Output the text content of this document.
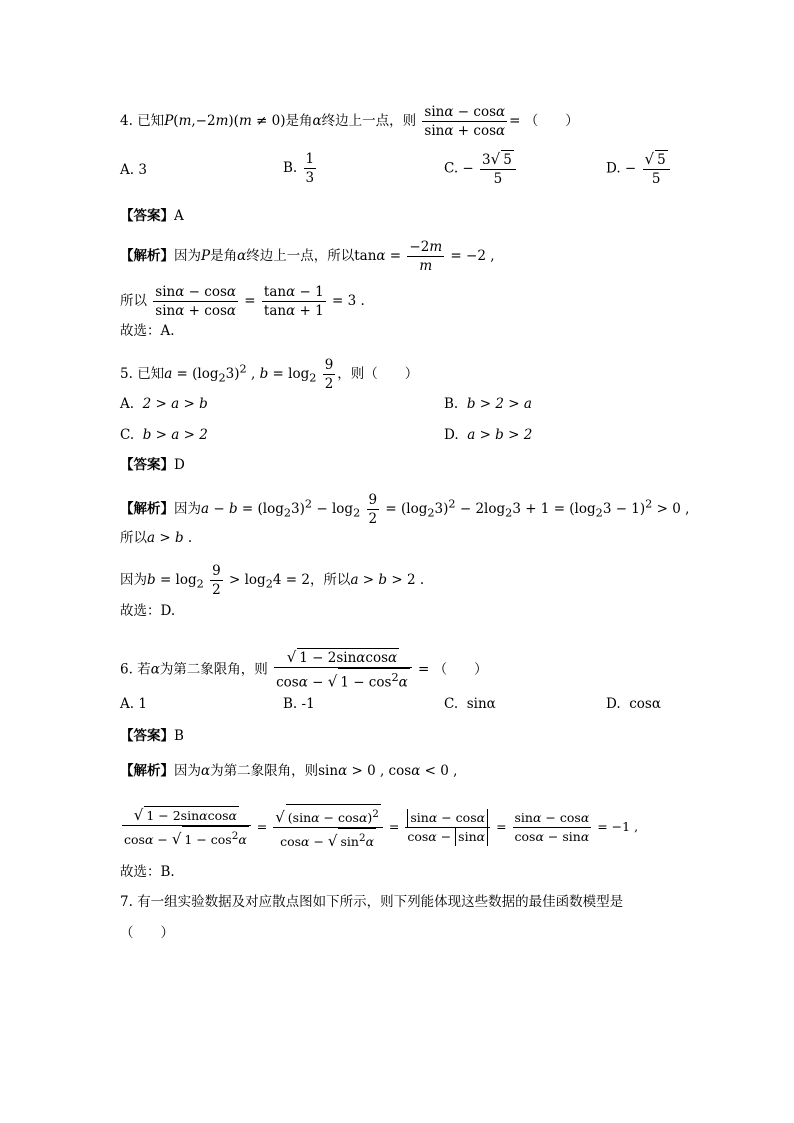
4. 已知P(m,−2m)(m ≠ 0)是角α终边上一点，则 $\frac{\sin\alpha - \cos\alpha}{\sin\alpha + \cos\alpha}$ = （　　）
A. 3	B. $\frac{1}{3}$	C. − $\frac{3√ 5}{5}$	D. − $\frac{√ 5}{5}$
【答案】A
【解析】因为P是角α终边上一点，所以$\tan\alpha = \frac{-2m}{m} = -2$ ,
所以 $\frac{\sin\alpha - \cos\alpha}{\sin\alpha + \cos\alpha} = \frac{\tan\alpha - 1}{\tan\alpha + 1} = 3$ .
故选：A.
5. 已知$a = (\log_23)^2$ , $b = \log_2 \frac{9}{2}$ ，则（　　）
A. 2 > a > b	B. b > 2 > a
C. b > a > 2	D. a > b > 2
【答案】D
【解析】因为$a - b = (\log_23)^2 - \log_2 \frac{9}{2} = (\log_23)^2 - 2\log_23 + 1 = (\log_23 - 1)^2 > 0$ ,
所以a > b .
因为$b = \log_2 \frac{9}{2} > \log_24 = 2$，所以a > b > 2 .
故选：D.
6. 若α为第二象限角，则 $\frac{√ 1 - 2\sin\alpha\cos\alpha}{\cos\alpha - √ 1 - \cos^2\alpha}$ = （　　）
A. 1	B. -1	C. sinα	D. cosα
【答案】B
【解析】因为α为第二象限角，则sinα > 0 , cosα < 0 ,
$\frac{√ 1 - 2\sin\alpha\cos\alpha}{\cos\alpha - √ 1 - \cos^2\alpha} = \frac{√ (\sin\alpha - \cos\alpha)^2}{\cos\alpha - √ \sin^2\alpha} = \frac{\sin\alpha - \cos\alpha}{\cos\alpha - \sin\alpha} = \frac{\sin\alpha - \cos\alpha}{\cos\alpha - \sin\alpha} = -1$ ,
故选：B.
7. 有一组实验数据及对应散点图如下所示，则下列能体现这些数据的最佳函数模型是
（　　）
